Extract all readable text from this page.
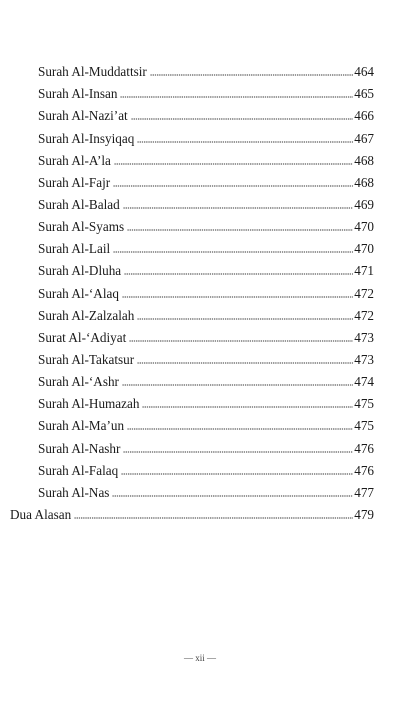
Surah Al-Muddattsir	464
Surah Al-Insan	465
Surah Al-Nazi’at	466
Surah Al-Insyiqaq	467
Surah Al-A’la	468
Surah Al-Fajr	468
Surah Al-Balad	469
Surah Al-Syams	470
Surah Al-Lail	470
Surah Al-Dluha	471
Surah Al-‘Alaq	472
Surah Al-Zalzalah	472
Surat Al-‘Adiyat	473
Surah Al-Takatsur	473
Surah Al-‘Ashr	474
Surah Al-Humazah	475
Surah Al-Ma’un	475
Surah Al-Nashr	476
Surah Al-Falaq	476
Surah Al-Nas	477
Dua Alasan	479
— xii —
